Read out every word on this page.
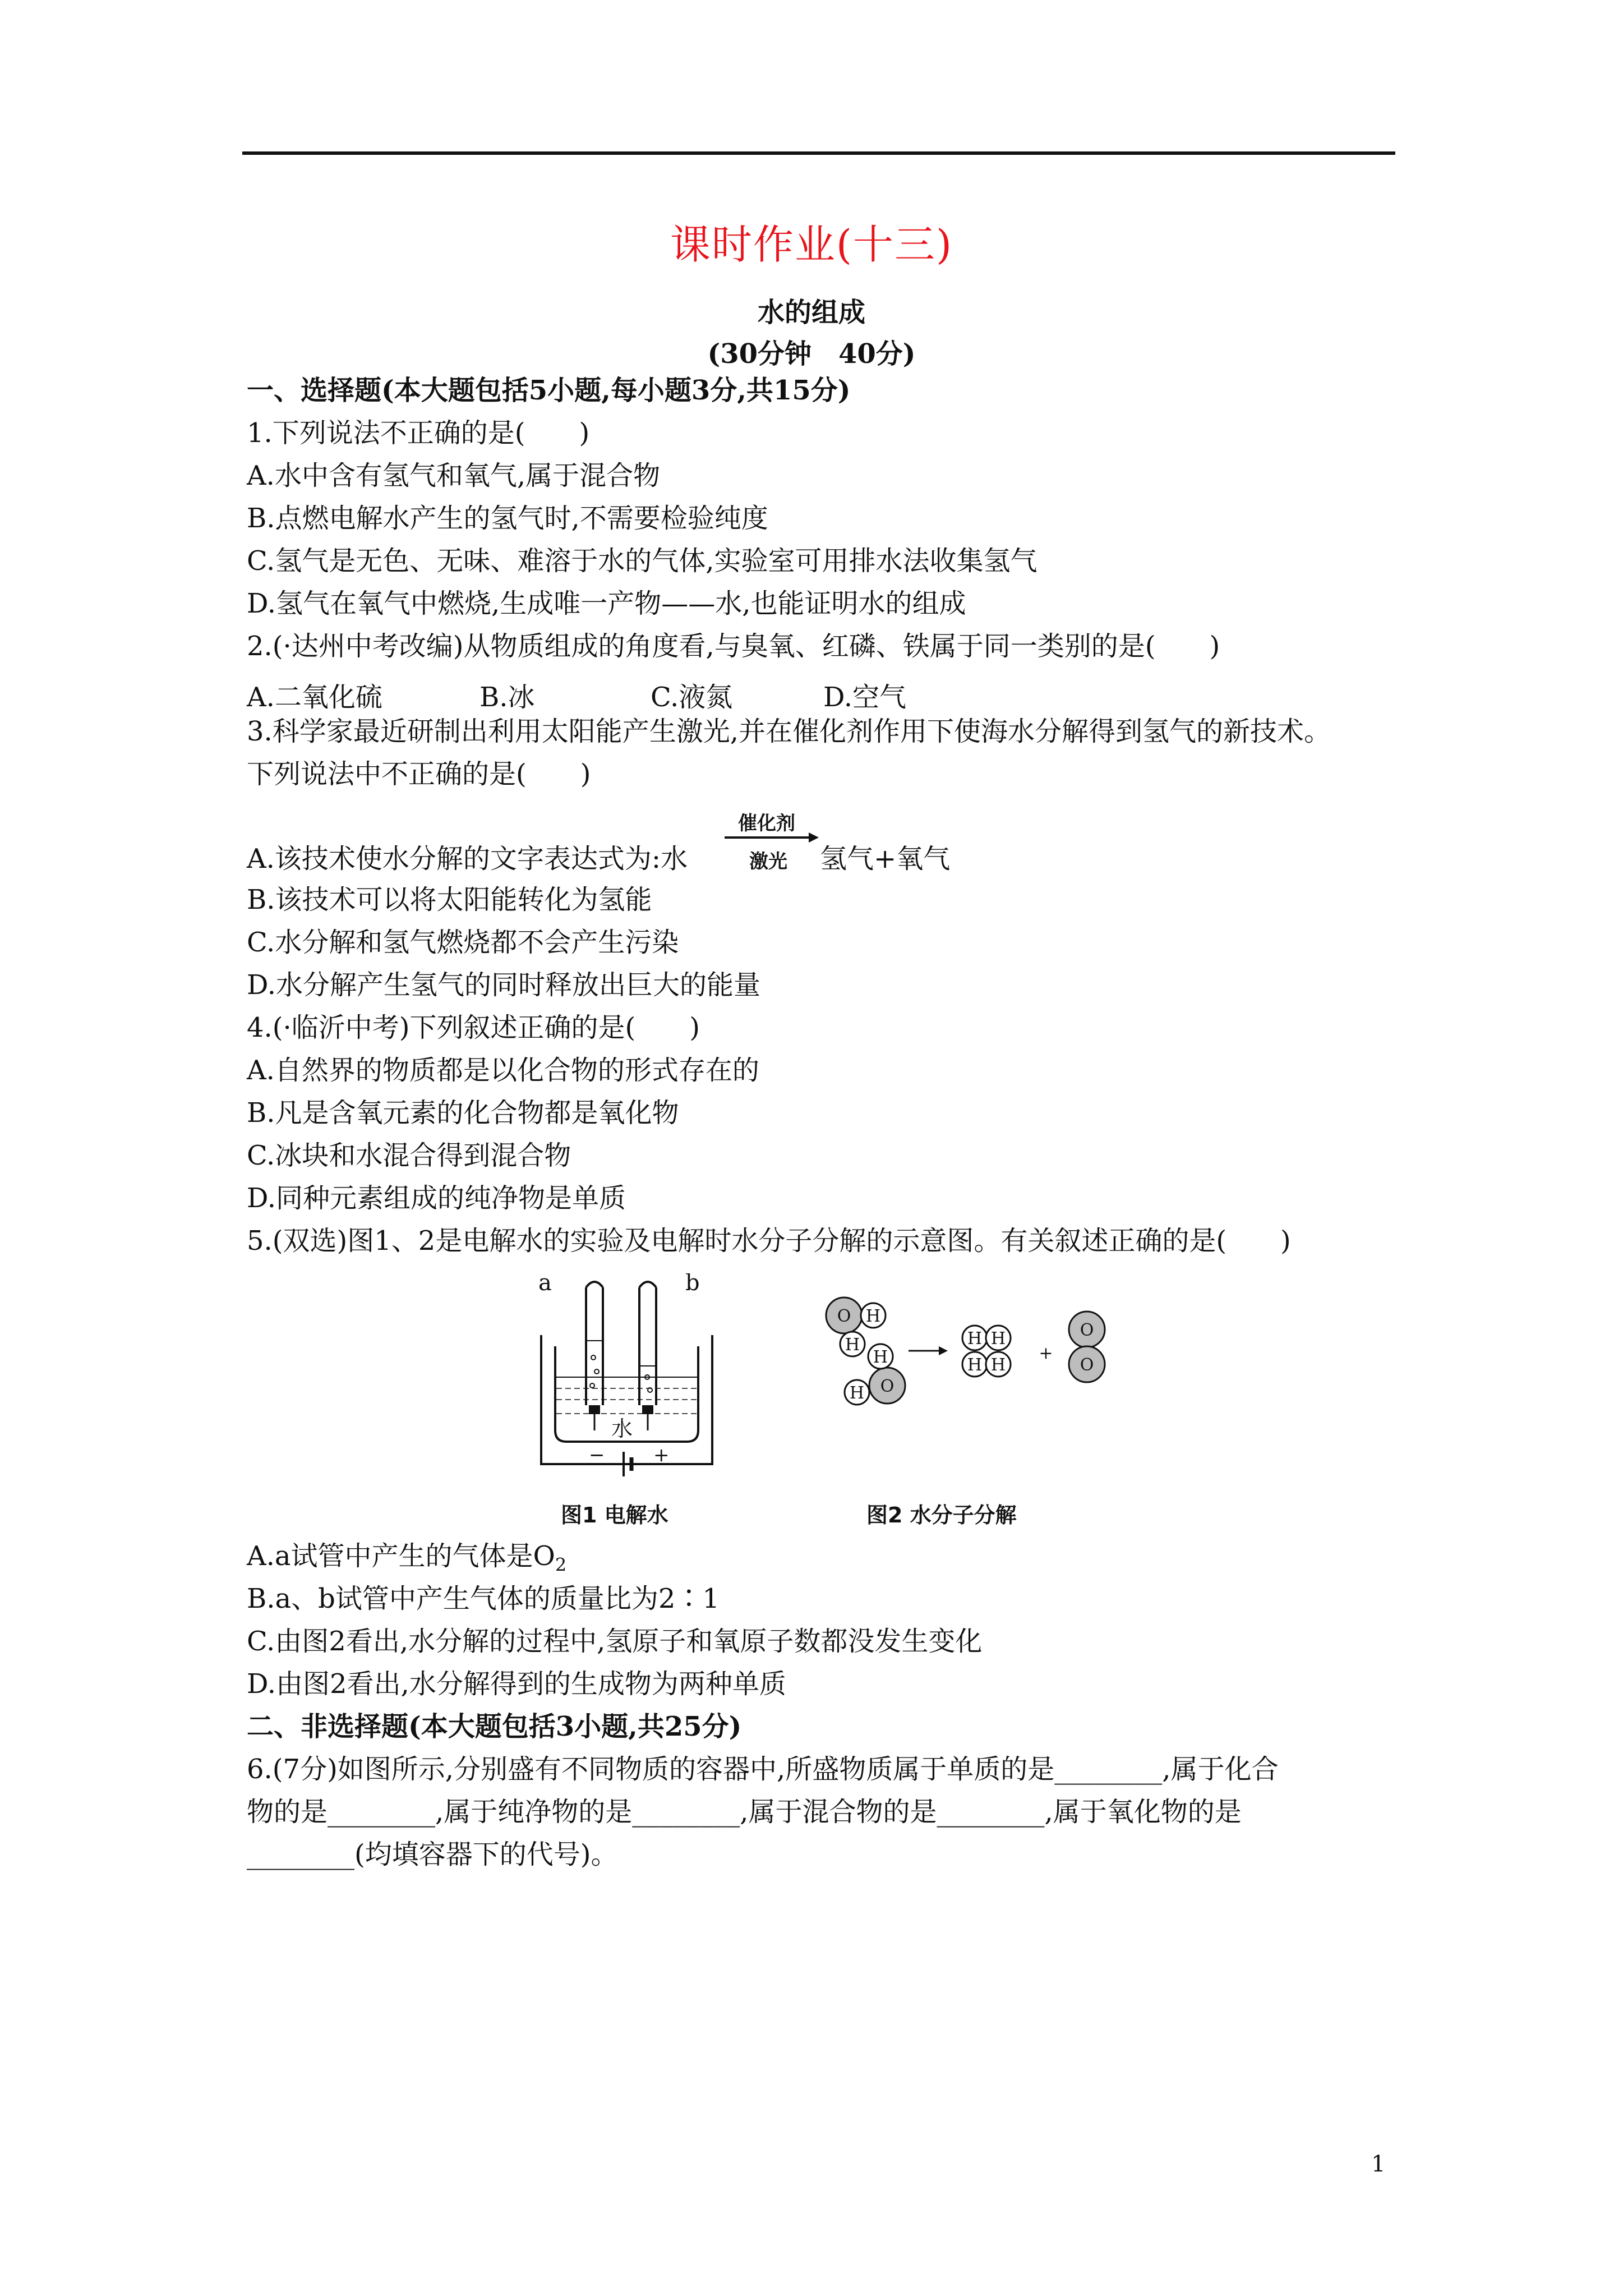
课时作业(十三)
水的组成
(30分钟　40分)
一、选择题(本大题包括5小题,每小题3分,共15分)
1.下列说法不正确的是(　　)
A.水中含有氢气和氧气,属于混合物
B.点燃电解水产生的氢气时,不需要检验纯度
C.氢气是无色、无味、难溶于水的气体,实验室可用排水法收集氢气
D.氢气在氧气中燃烧,生成唯一产物——水,也能证明水的组成
2.(·达州中考改编)从物质组成的角度看,与臭氧、红磷、铁属于同一类别的是(　　)
A.二氧化硫	B.冰	C.液氮	D.空气
3.科学家最近研制出利用太阳能产生激光,并在催化剂作用下使海水分解得到氢气的新技术。
下列说法中不正确的是(　　)
A.该技术使水分解的文字表达式为:水
催化剂
激光 氢气+氧气
B.该技术可以将太阳能转化为氢能
C.水分解和氢气燃烧都不会产生污染
D.水分解产生氢气的同时释放出巨大的能量
4.(·临沂中考)下列叙述正确的是(　　)
A.自然界的物质都是以化合物的形式存在的
B.凡是含氧元素的化合物都是氧化物
C.冰块和水混合得到混合物
D.同种元素组成的纯净物是单质
5.(双选)图1、2是电解水的实验及电解时水分子分解的示意图。有关叙述正确的是(　　)
a	b
水
−	+
图1 电解水
O H
H
O
H
H
H H
H H
O
O
+
图2 水分子分解
A.a试管中产生的气体是$O_2$
B.a、b试管中产生气体的质量比为2∶1
C.由图2看出,水分解的过程中,氢原子和氧原子数都没发生变化
D.由图2看出,水分解得到的生成物为两种单质
二、非选择题(本大题包括3小题,共25分)
6.(7分)如图所示,分别盛有不同物质的容器中,所盛物质属于单质的是________,属于化合
物的是________,属于纯净物的是________,属于混合物的是________,属于氧化物的是
________(均填容器下的代号)。
1
